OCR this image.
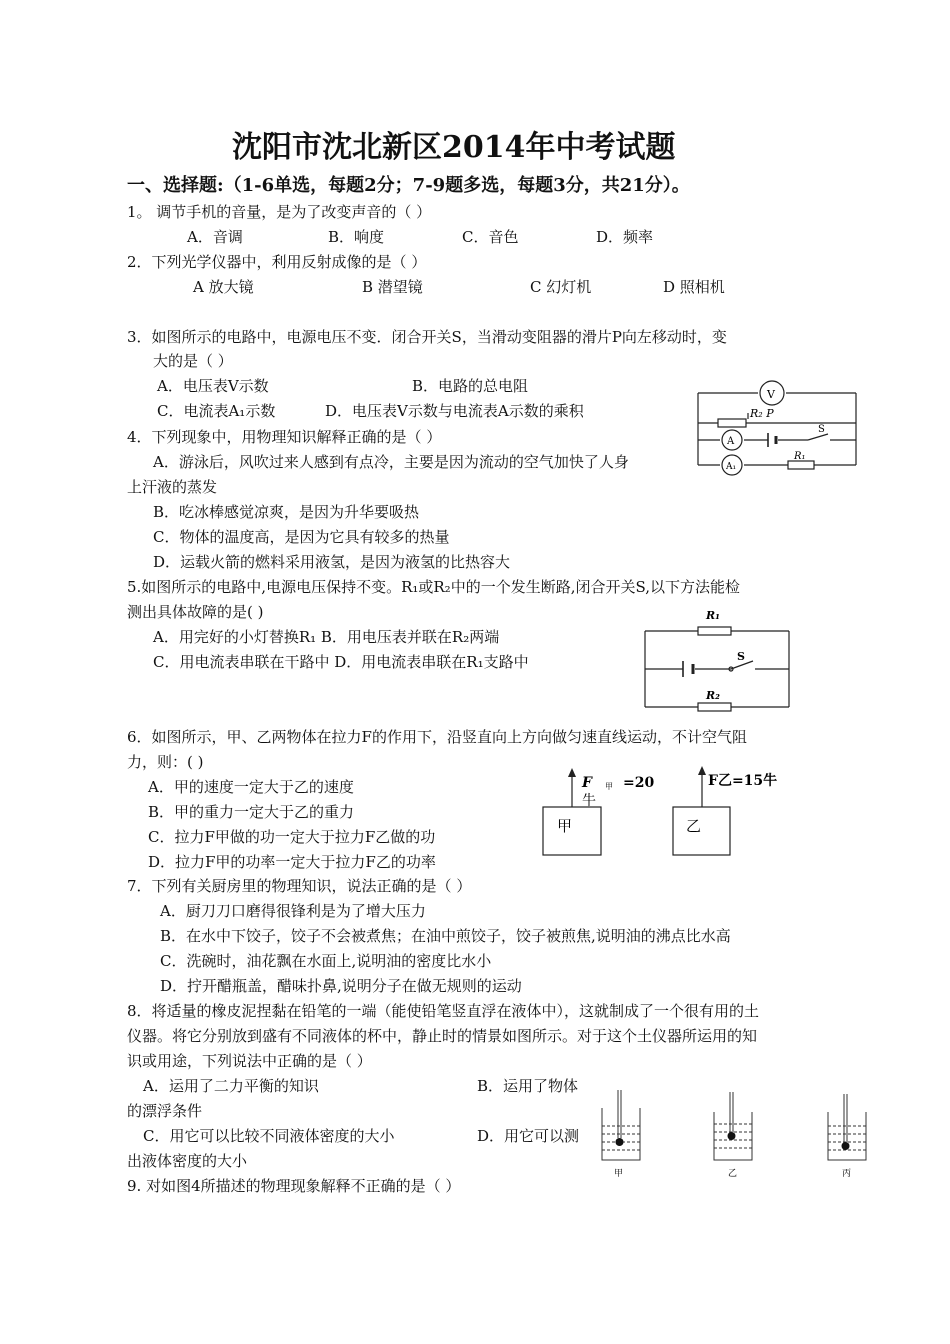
沈阳市沈北新区2014年中考试题
一、选择题:（1-6单选，每题2分；7-9题多选，每题3分，共21分）。
1。 调节手机的音量，是为了改变声音的（ ）
A．音调	B．响度	C．音色	D．频率
2．下列光学仪器中，利用反射成像的是（ ）
A 放大镜	B 潜望镜	C 幻灯机	D 照相机
3．如图所示的电路中，电源电压不变．闭合开关S，当滑动变阻器的滑片P向左移动时，变
大的是（ ）
A．电压表V示数	B．电路的总电阻
C．电流表A₁示数	D．电压表V示数与电流表A示数的乘积
V
R₂ P
A
S
A₁
R₁
4．下列现象中，用物理知识解释正确的是（ ）
A．游泳后，风吹过来人感到有点冷，主要是因为流动的空气加快了人身
上汗液的蒸发
B．吃冰棒感觉凉爽，是因为升华要吸热
C．物体的温度高，是因为它具有较多的热量
D．运载火箭的燃料采用液氢，是因为液氢的比热容大
5.如图所示的电路中,电源电压保持不变。R₁或R₂中的一个发生断路,闭合开关S,以下方法能检
测出具体故障的是( )
A．用完好的小灯替换R₁ B．用电压表并联在R₂两端
C．用电流表串联在干路中 D．用电流表串联在R₁支路中
R₁
S
R₂
6．如图所示，甲、乙两物体在拉力F的作用下，沿竖直向上方向做匀速直线运动，不计空气阻
力，则：( )
A．甲的速度一定大于乙的速度
B．甲的重力一定大于乙的重力
C．拉力F甲做的功一定大于拉力F乙做的功
D．拉力F甲的功率一定大于拉力F乙的功率
F 甲 =20
牛
F乙=15牛
甲	乙
7．下列有关厨房里的物理知识，说法正确的是（ ）
A．厨刀刀口磨得很锋利是为了增大压力
B．在水中下饺子，饺子不会被煮焦；在油中煎饺子，饺子被煎焦,说明油的沸点比水高
C．洗碗时，油花飘在水面上,说明油的密度比水小
D．拧开醋瓶盖，醋味扑鼻,说明分子在做无规则的运动
8．将适量的橡皮泥捏黏在铅笔的一端（能使铅笔竖直浮在液体中），这就制成了一个很有用的土
仪器。将它分别放到盛有不同液体的杯中，静止时的情景如图所示。对于这个土仪器所运用的知
识或用途，下列说法中正确的是（ ）
A．运用了二力平衡的知识	B．运用了物体
的漂浮条件
C．用它可以比较不同液体密度的大小	D．用它可以测
出液体密度的大小
甲	乙	丙
9. 对如图4所描述的物理现象解释不正确的是（ ）
